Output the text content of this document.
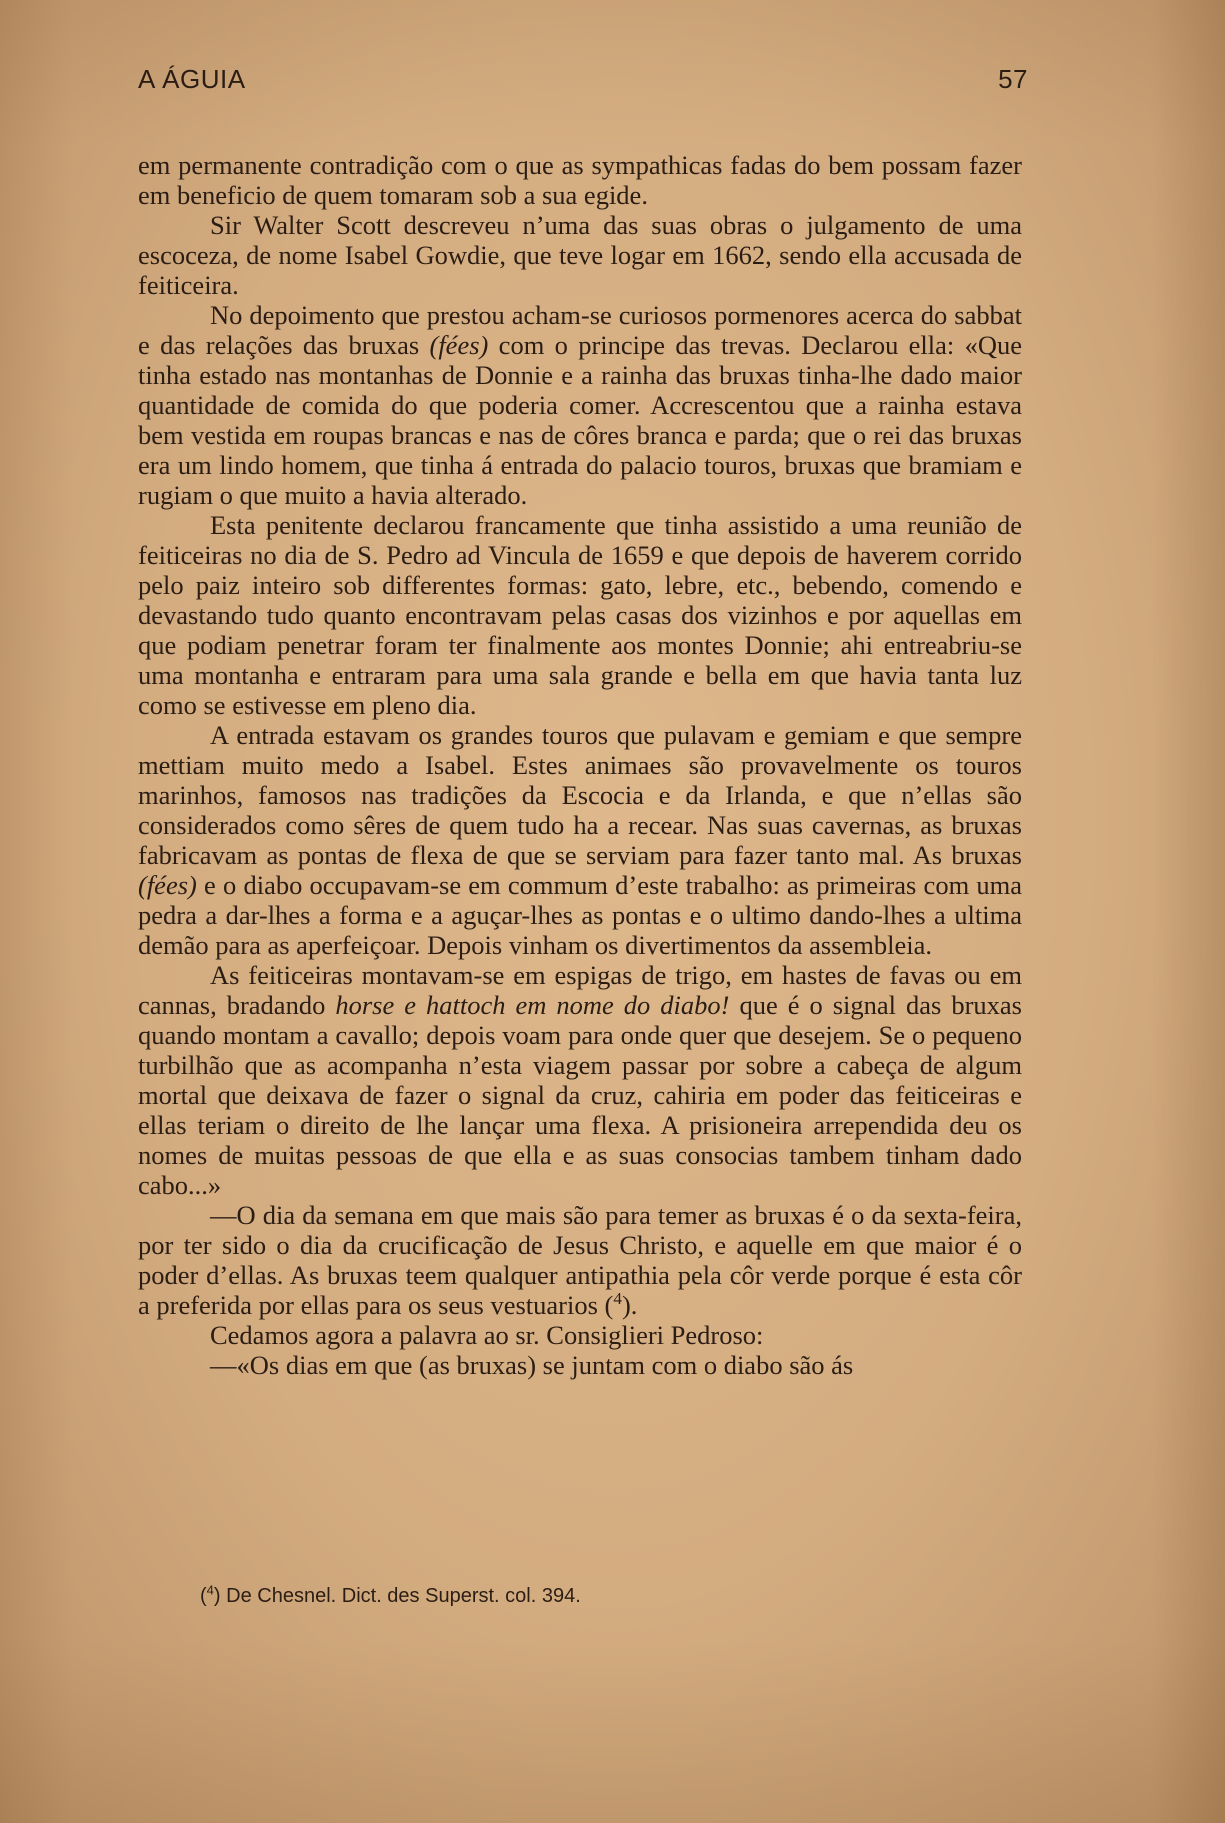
A ÁGUIA	57

em permanente contradição com o que as sympathicas fadas do bem possam fazer em beneficio de quem tomaram sob a sua egide.

Sir Walter Scott descreveu n’uma das suas obras o julgamento de uma escoceza, de nome Isabel Gowdie, que teve logar em 1662, sendo ella accusada de feiticeira.

No depoimento que prestou acham-se curiosos pormenores acerca do sabbat e das relações das bruxas (fées) com o principe das trevas. Declarou ella: «Que tinha estado nas montanhas de Donnie e a rainha das bruxas tinha-lhe dado maior quantidade de comida do que poderia comer. Accrescentou que a rainha estava bem vestida em roupas brancas e nas de côres branca e parda; que o rei das bruxas era um lindo homem, que tinha á entrada do palacio touros, bruxas que bramiam e rugiam o que muito a havia alterado.

Esta penitente declarou francamente que tinha assistido a uma reunião de feiticeiras no dia de S. Pedro ad Vincula de 1659 e que depois de haverem corrido pelo paiz inteiro sob differentes formas: gato, lebre, etc., bebendo, comendo e devastando tudo quanto encontravam pelas casas dos vizinhos e por aquellas em que podiam penetrar foram ter finalmente aos montes Donnie; ahi entreabriu-se uma montanha e entraram para uma sala grande e bella em que havia tanta luz como se estivesse em pleno dia.

A entrada estavam os grandes touros que pulavam e gemiam e que sempre mettiam muito medo a Isabel. Estes animaes são provavelmente os touros marinhos, famosos nas tradições da Escocia e da Irlanda, e que n’ellas são considerados como sêres de quem tudo ha a recear. Nas suas cavernas, as bruxas fabricavam as pontas de flexa de que se serviam para fazer tanto mal. As bruxas (fées) e o diabo occupavam-se em commum d’este trabalho: as primeiras com uma pedra a dar-lhes a forma e a aguçar-lhes as pontas e o ultimo dando-lhes a ultima demão para as aperfeiçoar. Depois vinham os divertimentos da assembleia.

As feiticeiras montavam-se em espigas de trigo, em hastes de favas ou em cannas, bradando horse e hattoch em nome do diabo! que é o signal das bruxas quando montam a cavallo; depois voam para onde quer que desejem. Se o pequeno turbilhão que as acompanha n’esta viagem passar por sobre a cabeça de algum mortal que deixava de fazer o signal da cruz, cahiria em poder das feiticeiras e ellas teriam o direito de lhe lançar uma flexa. A prisioneira arrependida deu os nomes de muitas pessoas de que ella e as suas consocias tambem tinham dado cabo...»

—O dia da semana em que mais são para temer as bruxas é o da sexta-feira, por ter sido o dia da crucificação de Jesus Christo, e aquelle em que maior é o poder d’ellas. As bruxas teem qualquer antipathia pela côr verde porque é esta côr a preferida por ellas para os seus vestuarios ($^4$).

Cedamos agora a palavra ao sr. Consiglieri Pedroso:

—«Os dias em que (as bruxas) se juntam com o diabo são ás

($^4$) De Chesnel. Dict. des Superst. col. 394.
